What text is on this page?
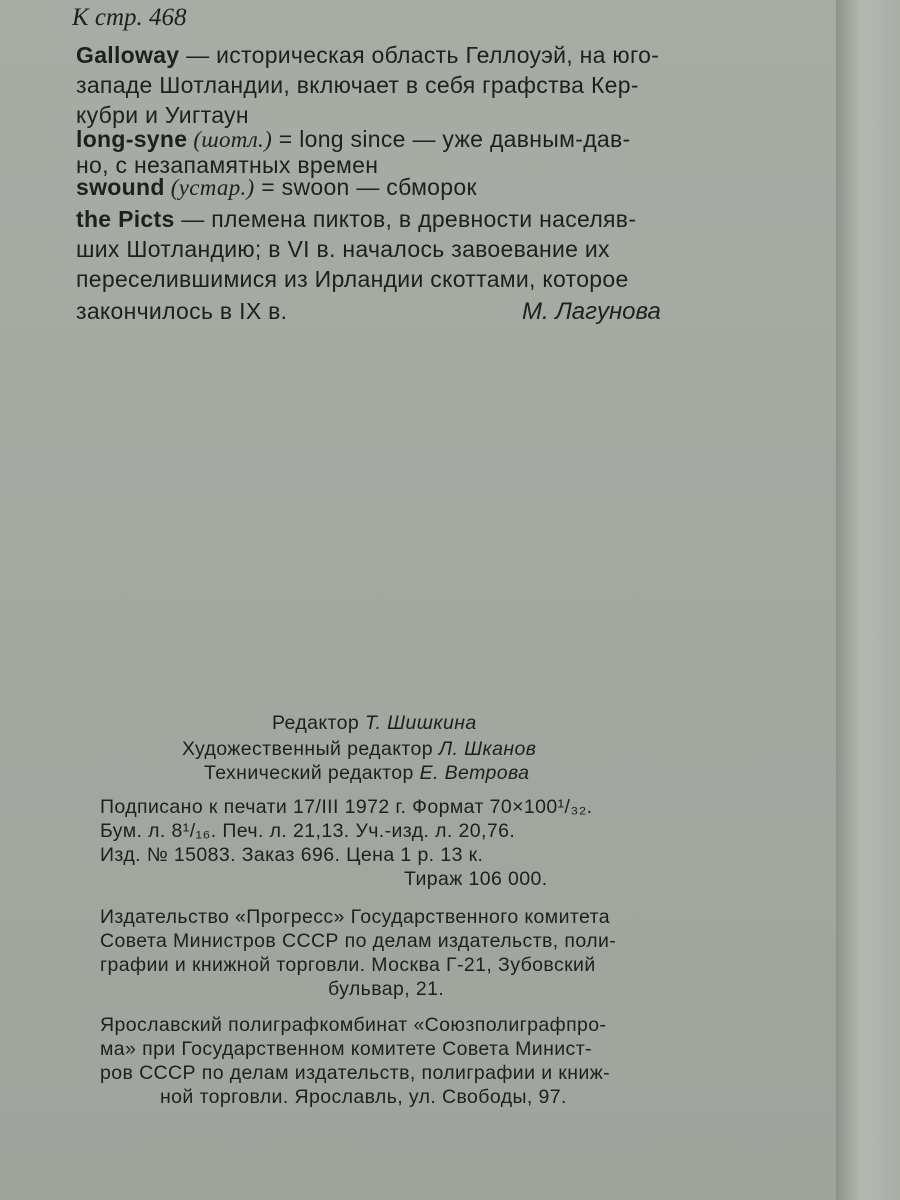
К стр. 468
Galloway — историческая область Геллоуэй, на юго-
западе Шотландии, включает в себя графства Кер-
кубри и Уигтаун
long-syne (шотл.) = long since — уже давным-дав-
но, с незапамятных времен
swound (устар.) = swoon — сбморок
the Picts — племена пиктов, в древности населяв-
ших Шотландию; в VI в. началось завоевание их
переселившимися из Ирландии скоттами, которое
закончилось в IX в.	М. Лагунова
Редактор Т. Шишкина
Художественный редактор Л. Шканов
Технический редактор Е. Ветрова
Подписано к печати 17/III 1972 г. Формат 70×100¹/₃₂.
Бум. л. 8¹/₁₆. Печ. л. 21,13. Уч.-изд. л. 20,76.
Изд. № 15083. Заказ 696. Цена 1 р. 13 к.
Тираж 106 000.
Издательство «Прогресс» Государственного комитета
Совета Министров СССР по делам издательств, поли-
графии и книжной торговли. Москва Г-21, Зубовский
бульвар, 21.
Ярославский полиграфкомбинат «Союзполиграфпро-
ма» при Государственном комитете Совета Минист-
ров СССР по делам издательств, полиграфии и книж-
ной торговли. Ярославль, ул. Свободы, 97.
